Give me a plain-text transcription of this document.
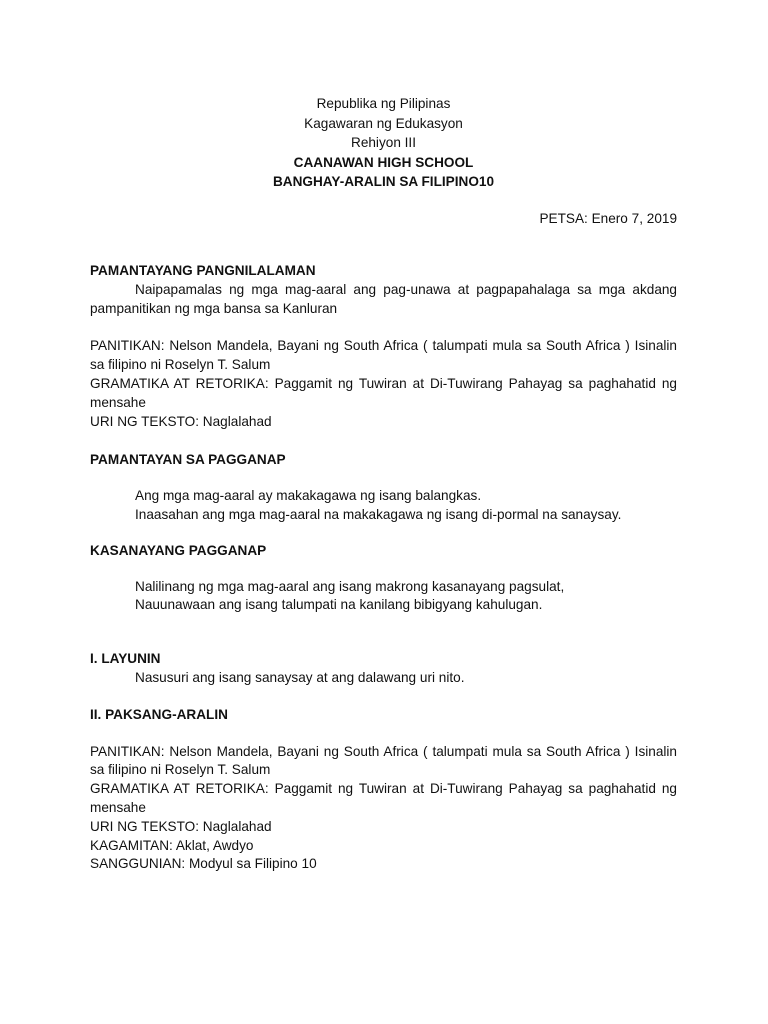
Republika ng Pilipinas
Kagawaran ng Edukasyon
Rehiyon III
CAANAWAN HIGH SCHOOL
BANGHAY-ARALIN SA FILIPINO10
PETSA: Enero 7, 2019

PAMANTAYANG PANGNILALAMAN

Naipapamalas ng mga mag-aaral ang pag-unawa at pagpapahalaga sa mga akdang pampanitikan ng mga bansa sa Kanluran

PANITIKAN: Nelson Mandela, Bayani ng South Africa ( talumpati mula sa South Africa ) Isinalin sa filipino ni Roselyn T. Salum

GRAMATIKA AT RETORIKA: Paggamit ng Tuwiran at Di-Tuwirang Pahayag sa paghahatid ng mensahe

URI NG TEKSTO: Naglalahad

PAMANTAYAN SA PAGGANAP

Ang mga mag-aaral ay makakagawa ng isang balangkas.

Inaasahan ang mga mag-aaral na makakagawa ng isang di-pormal na sanaysay.

KASANAYANG PAGGANAP

Nalilinang ng mga mag-aaral ang isang makrong kasanayang pagsulat,

Nauunawaan ang isang talumpati na kanilang bibigyang kahulugan.

I. LAYUNIN

Nasusuri ang isang sanaysay at ang dalawang uri nito.

II. PAKSANG-ARALIN

PANITIKAN: Nelson Mandela, Bayani ng South Africa ( talumpati mula sa South Africa ) Isinalin sa filipino ni Roselyn T. Salum

GRAMATIKA AT RETORIKA: Paggamit ng Tuwiran at Di-Tuwirang Pahayag sa paghahatid ng mensahe

URI NG TEKSTO: Naglalahad

KAGAMITAN: Aklat, Awdyo

SANGGUNIAN: Modyul sa Filipino 10
